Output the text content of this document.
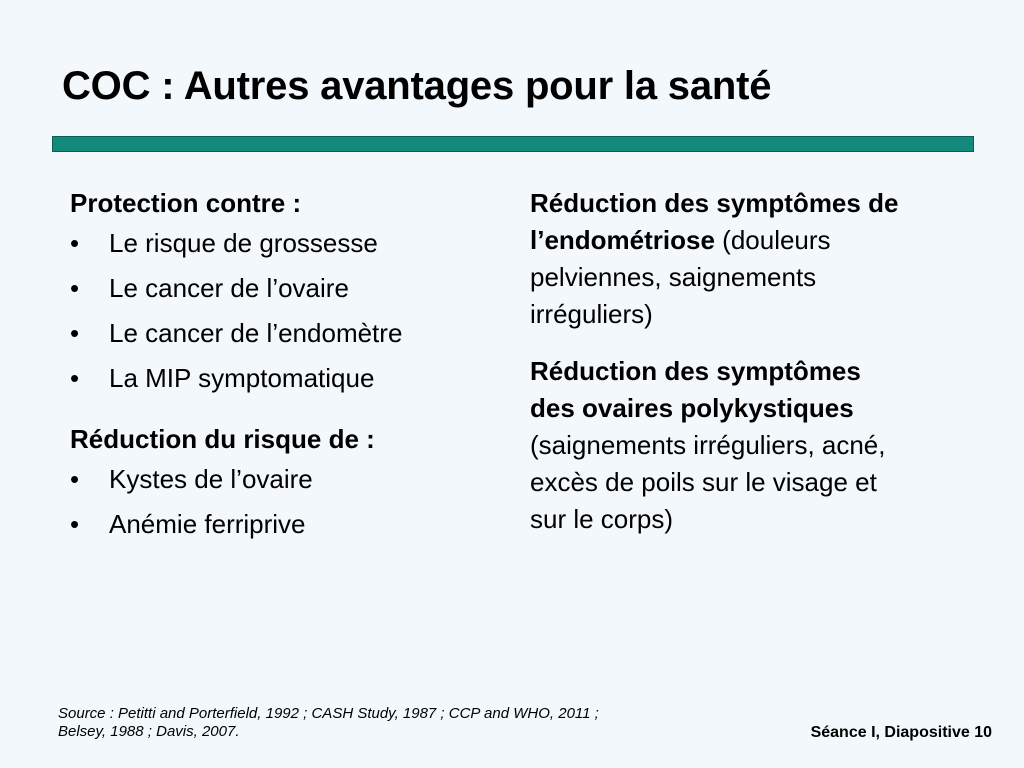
COC : Autres avantages pour la santé
Protection contre :
• Le risque de grossesse
• Le cancer de l’ovaire
• Le cancer de l’endomètre
• La MIP symptomatique
Réduction du risque de :
• Kystes de l’ovaire
• Anémie ferriprive

Réduction des symptômes de l’endométriose (douleurs pelviennes, saignements irréguliers)

Réduction des symptômes des ovaires polykystiques (saignements irréguliers, acné, excès de poils sur le visage et sur le corps)

Source : Petitti and Porterfield, 1992 ; CASH Study, 1987 ; CCP and WHO, 2011 ;
Belsey, 1988 ; Davis, 2007.	Séance I, Diapositive 10
